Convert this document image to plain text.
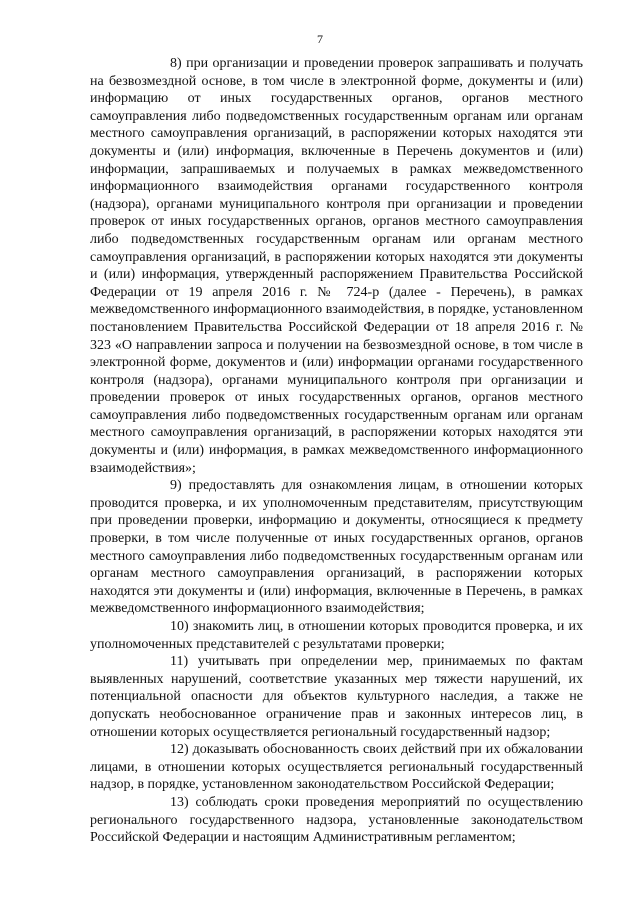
7

8) при организации и проведении проверок запрашивать и получать на безвозмездной основе, в том числе в электронной форме, документы и (или) информацию от иных государственных органов, органов местного самоуправления либо подведомственных государственным органам или органам местного самоуправления организаций, в распоряжении которых находятся эти документы и (или) информация, включенные в Перечень документов и (или) информации, запрашиваемых и получаемых в рамках межведомственного информационного взаимодействия органами государственного контроля (надзора), органами муниципального контроля при организации и проведении проверок от иных государственных органов, органов местного самоуправления либо подведомственных государственным органам или органам местного самоуправления организаций, в распоряжении которых находятся эти документы и (или) информация, утвержденный распоряжением Правительства Российской Федерации от 19 апреля 2016 г. № 724-р (далее - Перечень), в рамках межведомственного информационного взаимодействия, в порядке, установленном постановлением Правительства Российской Федерации от 18 апреля 2016 г. № 323 «О направлении запроса и получении на безвозмездной основе, в том числе в электронной форме, документов и (или) информации органами государственного контроля (надзора), органами муниципального контроля при организации и проведении проверок от иных государственных органов, органов местного самоуправления либо подведомственных государственным органам или органам местного самоуправления организаций, в распоряжении которых находятся эти документы и (или) информация, в рамках межведомственного информационного взаимодействия»;

9) предоставлять для ознакомления лицам, в отношении которых проводится проверка, и их уполномоченным представителям, присутствующим при проведении проверки, информацию и документы, относящиеся к предмету проверки, в том числе полученные от иных государственных органов, органов местного самоуправления либо подведомственных государственным органам или органам местного самоуправления организаций, в распоряжении которых находятся эти документы и (или) информация, включенные в Перечень, в рамках межведомственного информационного взаимодействия;

10) знакомить лиц, в отношении которых проводится проверка, и их уполномоченных представителей с результатами проверки;

11) учитывать при определении мер, принимаемых по фактам выявленных нарушений, соответствие указанных мер тяжести нарушений, их потенциальной опасности для объектов культурного наследия, а также не допускать необоснованное ограничение прав и законных интересов лиц, в отношении которых осуществляется региональный государственный надзор;

12) доказывать обоснованность своих действий при их обжаловании лицами, в отношении которых осуществляется региональный государственный надзор, в порядке, установленном законодательством Российской Федерации;

13) соблюдать сроки проведения мероприятий по осуществлению регионального государственного надзора, установленные законодательством Российской Федерации и настоящим Административным регламентом;
